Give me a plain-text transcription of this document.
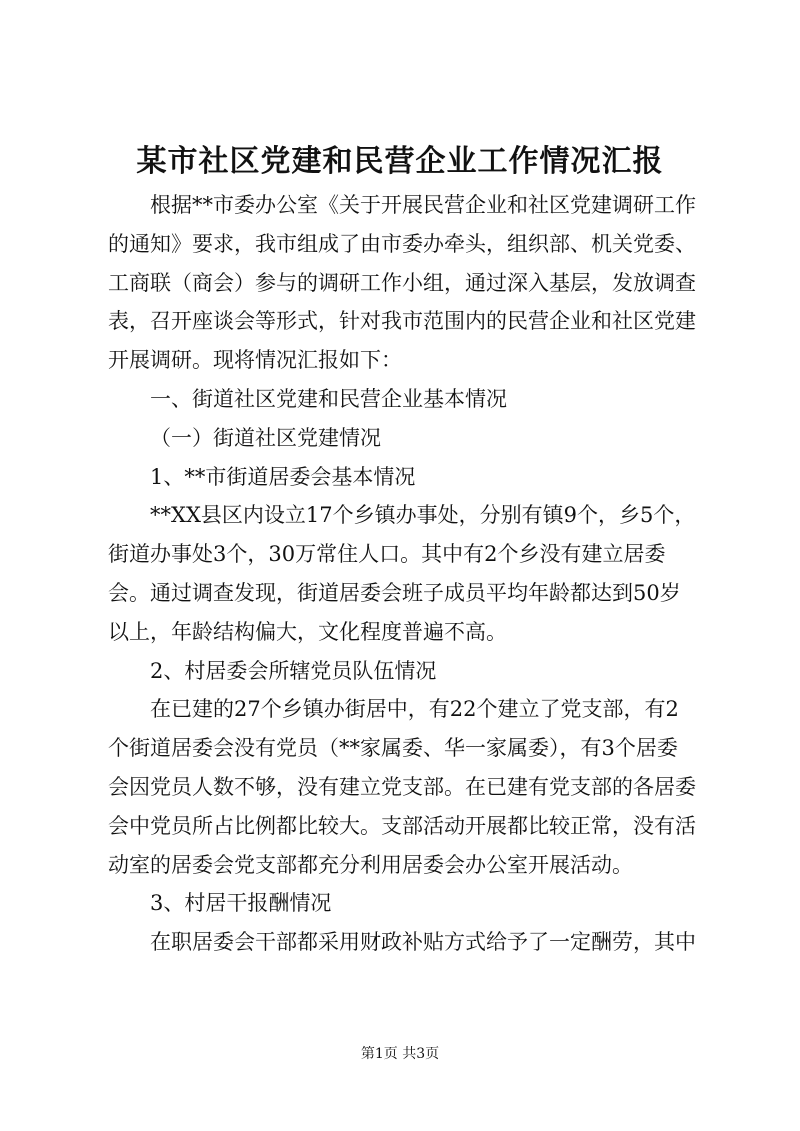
某市社区党建和民营企业工作情况汇报
根据**市委办公室《关于开展民营企业和社区党建调研工作
的通知》要求，我市组成了由市委办牵头，组织部、机关党委、
工商联（商会）参与的调研工作小组，通过深入基层，发放调查
表，召开座谈会等形式，针对我市范围内的民营企业和社区党建
开展调研。现将情况汇报如下：
一、街道社区党建和民营企业基本情况
（一）街道社区党建情况
1、**市街道居委会基本情况
**XX县区内设立17个乡镇办事处，分别有镇9个，乡5个，
街道办事处3个，30万常住人口。其中有2个乡没有建立居委
会。通过调查发现，街道居委会班子成员平均年龄都达到50岁
以上，年龄结构偏大，文化程度普遍不高。
2、村居委会所辖党员队伍情况
在已建的27个乡镇办街居中，有22个建立了党支部，有2
个街道居委会没有党员（**家属委、华一家属委），有3个居委
会因党员人数不够，没有建立党支部。在已建有党支部的各居委
会中党员所占比例都比较大。支部活动开展都比较正常，没有活
动室的居委会党支部都充分利用居委会办公室开展活动。
3、村居干报酬情况
在职居委会干部都采用财政补贴方式给予了一定酬劳，其中
第1页 共3页
